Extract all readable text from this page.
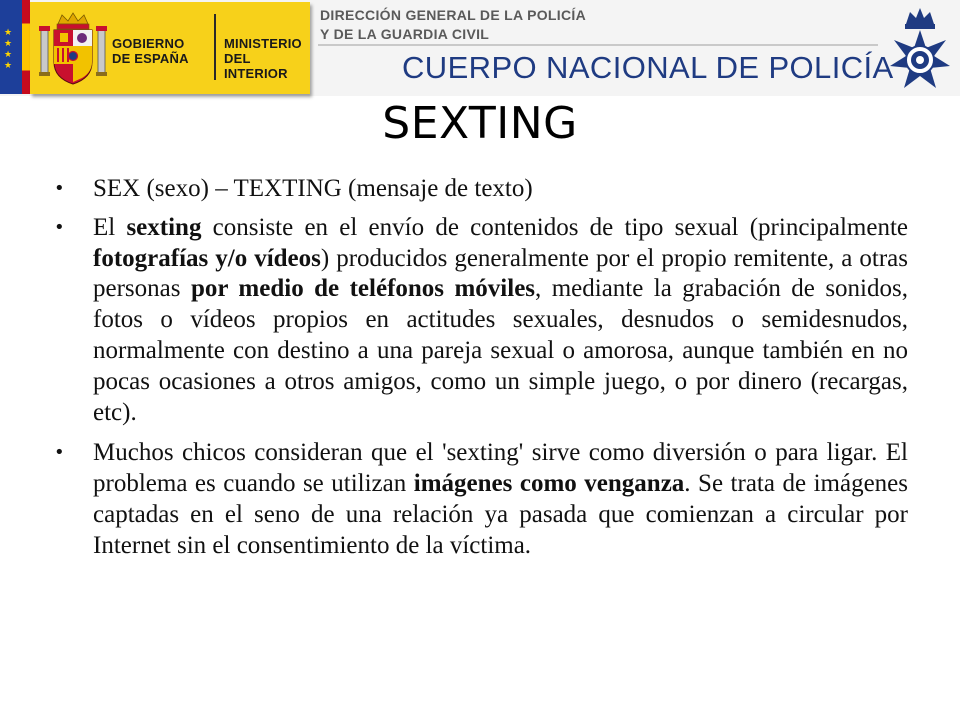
★
★
★
★
GOBIERNO
DE ESPAÑA
MINISTERIO
DEL INTERIOR
DIRECCIÓN GENERAL DE LA POLICÍA
Y DE LA GUARDIA CIVIL
CUERPO NACIONAL DE POLICÍA
SEXTING
• SEX (sexo) – TEXTING (mensaje de texto)
• El sexting consiste en el envío de contenidos de tipo sexual (principalmente fotografías y/o vídeos) producidos generalmente por el propio remitente, a otras personas por medio de teléfonos móviles, mediante la grabación de sonidos, fotos o vídeos propios en actitudes sexuales, desnudos o semidesnudos, normalmente con destino a una pareja sexual o amorosa, aunque también en no pocas ocasiones a otros amigos, como un simple juego, o por dinero (recargas, etc).
• Muchos chicos consideran que el 'sexting' sirve como diversión o para ligar. El problema es cuando se utilizan imágenes como venganza. Se trata de imágenes captadas en el seno de una relación ya pasada que comienzan a circular por Internet sin el consentimiento de la víctima.
